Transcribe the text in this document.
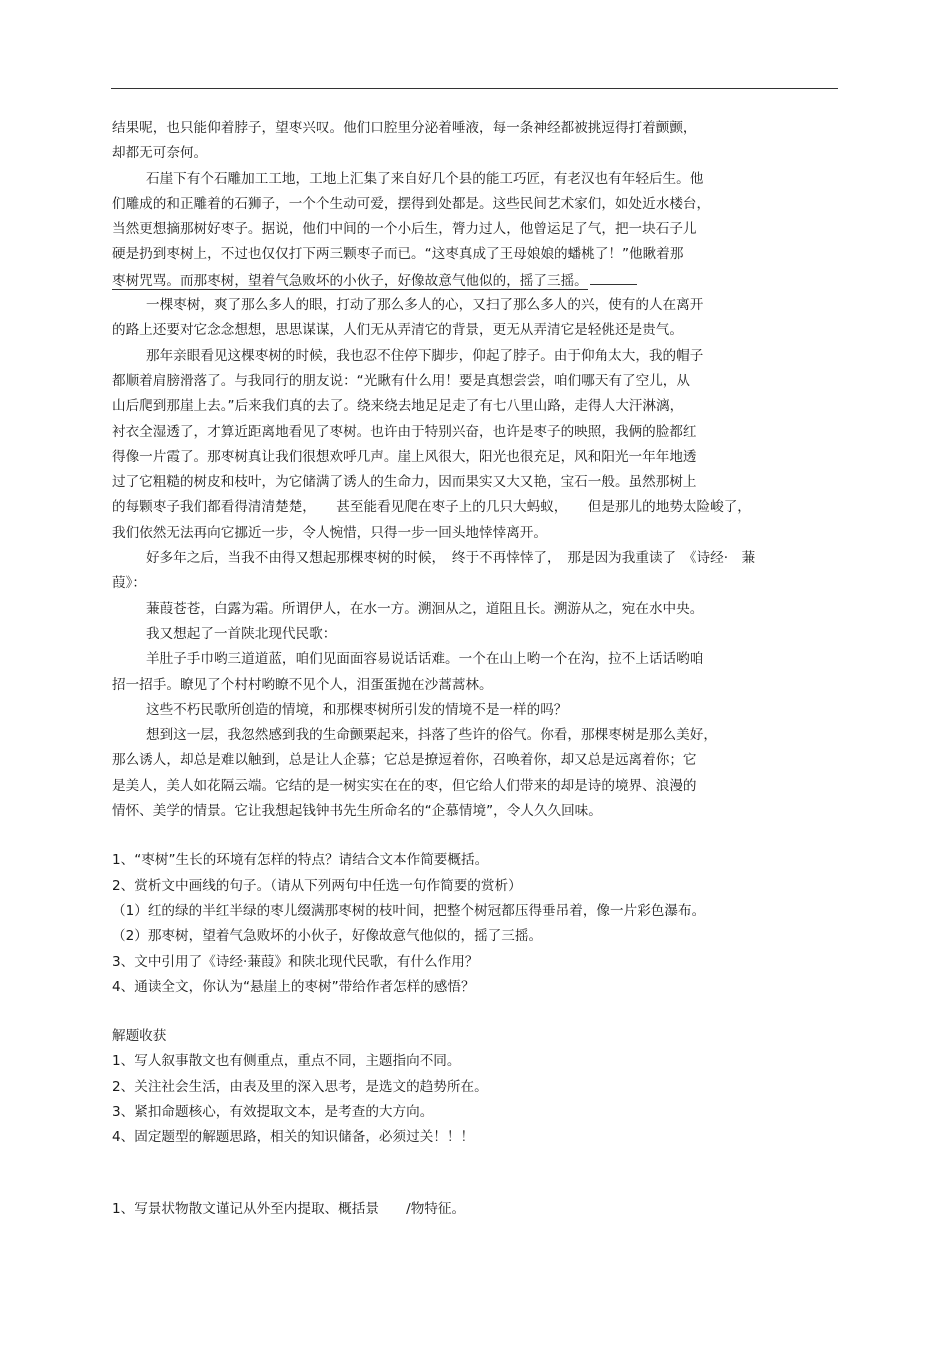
结果呢，也只能仰着脖子，望枣兴叹。他们口腔里分泌着唾液，每一条神经都被挑逗得打着颤颤，
却都无可奈何。
石崖下有个石雕加工工地，工地上汇集了来自好几个县的能工巧匠，有老汉也有年轻后生。他
们雕成的和正雕着的石狮子，一个个生动可爱，摆得到处都是。这些民间艺术家们，如处近水楼台，
当然更想摘那树好枣子。据说，他们中间的一个小后生，膂力过人，他曾运足了气，把一块石子儿
硬是扔到枣树上，不过也仅仅打下两三颗枣子而已。“这枣真成了王母娘娘的蟠桃了！”他瞅着那
枣树咒骂。而那枣树，望着气急败坏的小伙子，好像故意气他似的，摇了三摇。
一棵枣树，爽了那么多人的眼，打动了那么多人的心，又扫了那么多人的兴，使有的人在离开
的路上还要对它念念想想，思思谋谋，人们无从弄清它的背景，更无从弄清它是轻佻还是贵气。
那年亲眼看见这棵枣树的时候，我也忍不住停下脚步，仰起了脖子。由于仰角太大，我的帽子
都顺着肩膀滑落了。与我同行的朋友说：“光瞅有什么用！要是真想尝尝，咱们哪天有了空儿，从
山后爬到那崖上去。”后来我们真的去了。绕来绕去地足足走了有七八里山路，走得人大汗淋漓，
衬衣全湿透了，才算近距离地看见了枣树。也许由于特别兴奋，也许是枣子的映照，我俩的脸都红
得像一片霞了。那枣树真让我们很想欢呼几声。崖上风很大，阳光也很充足，风和阳光一年年地透
过了它粗糙的树皮和枝叶，为它储满了诱人的生命力，因而果实又大又艳，宝石一般。虽然那树上
的每颗枣子我们都看得清清楚楚，　　甚至能看见爬在枣子上的几只大蚂蚁，　　但是那儿的地势太险峻了，
我们依然无法再向它挪近一步，令人惋惜，只得一步一回头地悻悻离开。
好多年之后，当我不由得又想起那棵枣树的时候，　终于不再悻悻了，　那是因为我重读了　《诗经·　蒹
葭》：
蒹葭苍苍，白露为霜。所谓伊人，在水一方。溯洄从之，道阻且长。溯游从之，宛在水中央。
我又想起了一首陕北现代民歌：
羊肚子手巾哟三道道蓝，咱们见面面容易说话话难。一个在山上哟一个在沟，拉不上话话哟咱
招一招手。瞭见了个村村哟瞭不见个人，泪蛋蛋抛在沙蒿蒿林。
这些不朽民歌所创造的情境，和那棵枣树所引发的情境不是一样的吗？
想到这一层，我忽然感到我的生命颤栗起来，抖落了些许的俗气。你看，那棵枣树是那么美好，
那么诱人，却总是难以触到，总是让人企慕；它总是撩逗着你，召唤着你，却又总是远离着你；它
是美人，美人如花隔云端。它结的是一树实实在在的枣，但它给人们带来的却是诗的境界、浪漫的
情怀、美学的情景。它让我想起钱钟书先生所命名的“企慕情境”，令人久久回味。
1、“枣树”生长的环境有怎样的特点？请结合文本作简要概括。
2、赏析文中画线的句子。（请从下列两句中任选一句作简要的赏析）
（1）红的绿的半红半绿的枣儿缀满那枣树的枝叶间，把整个树冠都压得垂吊着，像一片彩色瀑布。
（2）那枣树，望着气急败坏的小伙子，好像故意气他似的，摇了三摇。
3、文中引用了《诗经·蒹葭》和陕北现代民歌，有什么作用？
4、通读全文，你认为“悬崖上的枣树”带给作者怎样的感悟？
解题收获
1、写人叙事散文也有侧重点，重点不同，主题指向不同。
2、关注社会生活，由表及里的深入思考，是选文的趋势所在。
3、紧扣命题核心，有效提取文本，是考查的大方向。
4、固定题型的解题思路，相关的知识储备，必须过关！！！
1、写景状物散文谨记从外至内提取、概括景　　/物特征。
